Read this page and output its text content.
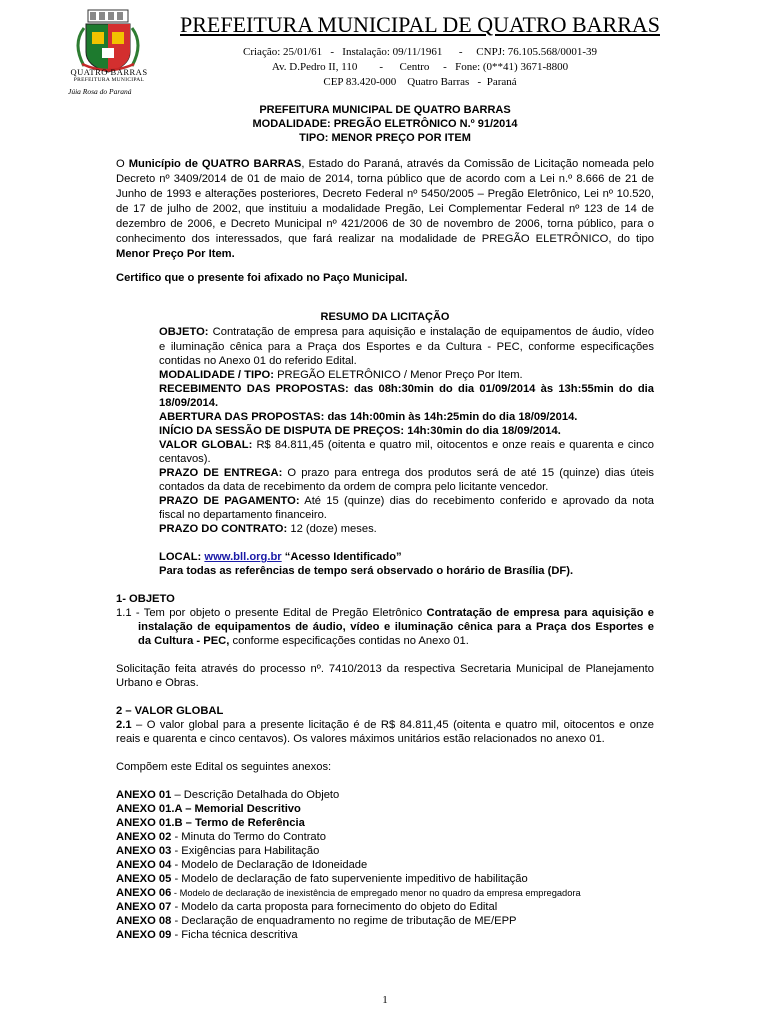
QUATRO BARRAS
PREFEITURA MUNICIPAL
Júia Rosa do Paraná
PREFEITURA MUNICIPAL DE QUATRO BARRAS
Criação: 25/01/61   -   Instalação: 09/11/1961      -     CNPJ: 76.105.568/0001-39
Av. D.Pedro II, 110        -      Centro     -   Fone: (0**41) 3671-8800
CEP 83.420-000    Quatro Barras   -  Paraná
PREFEITURA MUNICIPAL DE QUATRO BARRAS
MODALIDADE: PREGÃO ELETRÔNICO N.º 91/2014
TIPO: MENOR PREÇO POR ITEM
O Município de QUATRO BARRAS, Estado do Paraná, através da Comissão de Licitação nomeada pelo Decreto nº 3409/2014 de 01 de maio de 2014, torna público que de acordo com a Lei n.º 8.666 de 21 de Junho de 1993 e alterações posteriores, Decreto Federal nº 5450/2005 – Pregão Eletrônico, Lei nº 10.520, de 17 de julho de 2002, que instituiu a modalidade Pregão, Lei Complementar Federal nº 123 de 14 de dezembro de 2006, e Decreto Municipal nº 421/2006 de 30 de novembro de 2006, torna público, para o conhecimento dos interessados, que fará realizar na modalidade de PREGÃO ELETRÔNICO, do tipo Menor Preço Por Item.
Certifico que o presente foi afixado no Paço Municipal.
RESUMO DA LICITAÇÃO
OBJETO: Contratação de empresa para aquisição e instalação de equipamentos de áudio, vídeo
e iluminação cênica para a Praça dos Esportes e da Cultura - PEC, conforme especificações
contidas no Anexo 01 do referido Edital.
MODALIDADE / TIPO: PREGÃO ELETRÔNICO / Menor Preço Por Item.
RECEBIMENTO DAS PROPOSTAS: das 08h:30min do dia 01/09/2014 às 13h:55min do dia
18/09/2014.
ABERTURA DAS PROPOSTAS: das 14h:00min às 14h:25min do dia 18/09/2014.
INÍCIO DA SESSÃO DE DISPUTA DE PREÇOS: 14h:30min do dia 18/09/2014.
VALOR GLOBAL: R$ 84.811,45 (oitenta e quatro mil, oitocentos e onze reais e quarenta e cinco
centavos).
PRAZO DE ENTREGA: O prazo para entrega dos produtos será de até 15 (quinze) dias úteis
contados da data de recebimento da ordem de compra pelo licitante vencedor.
PRAZO DE PAGAMENTO: Até 15 (quinze) dias do recebimento conferido e aprovado da nota
fiscal no departamento financeiro.
PRAZO DO CONTRATO: 12 (doze) meses.
LOCAL: www.bll.org.br “Acesso Identificado”
Para todas as referências de tempo será observado o horário de Brasília (DF).
1- OBJETO
1.1 - Tem por objeto o presente Edital de Pregão Eletrônico Contratação de empresa para aquisição e
instalação de equipamentos de áudio, vídeo e iluminação cênica para a Praça dos Esportes e
da Cultura - PEC, conforme especificações contidas no Anexo 01.
Solicitação feita através do processo nº. 7410/2013 da respectiva Secretaria Municipal de Planejamento
Urbano e Obras.
2 – VALOR GLOBAL
2.1 – O valor global para a presente licitação é de R$ 84.811,45 (oitenta e quatro mil, oitocentos e onze
reais e quarenta e cinco centavos). Os valores máximos unitários estão relacionados no anexo 01.
Compõem este Edital os seguintes anexos:
ANEXO 01 – Descrição Detalhada do Objeto
ANEXO 01.A – Memorial Descritivo
ANEXO 01.B – Termo de Referência
ANEXO 02 - Minuta do Termo do Contrato
ANEXO 03 - Exigências para Habilitação
ANEXO 04 - Modelo de Declaração de Idoneidade
ANEXO 05 - Modelo de declaração de fato superveniente impeditivo de habilitação
ANEXO 06 - Modelo de declaração de inexistência de empregado menor no quadro da empresa empregadora
ANEXO 07 - Modelo da carta proposta para fornecimento do objeto do Edital
ANEXO 08 - Declaração de enquadramento no regime de tributação de ME/EPP
ANEXO 09 - Ficha técnica descritiva
1
